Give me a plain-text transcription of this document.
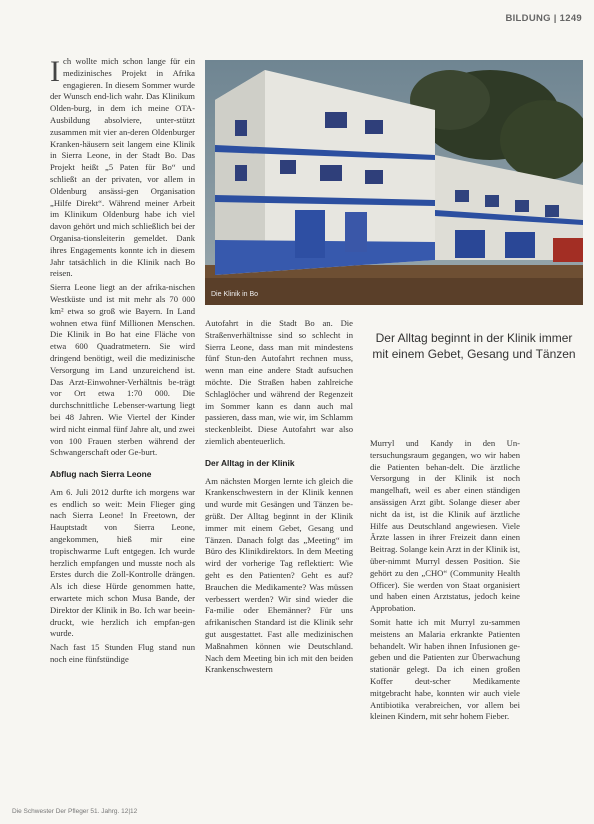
BILDUNG | 1249
Die Klinik in Bo

Ich wollte mich schon lange für ein medizinisches Projekt in Afrika engagieren. In diesem Sommer wurde der Wunsch end-lich wahr. Das Klinikum Olden-burg, in dem ich meine OTA-Ausbildung absolviere, unter-stützt zusammen mit vier an-deren Oldenburger Kranken-häusern seit langem eine Klinik in Sierra Leone, in der Stadt Bo. Das Projekt heißt „5 Paten für Bo“ und schließt an der privaten, vor allem in Oldenburg ansässi-gen Organisation „Hilfe Direkt“. Während meiner Arbeit im Klinikum Oldenburg habe ich viel davon gehört und mich schließlich bei der Organisa-tionsleiterin gemeldet. Dank ihres Engagements konnte ich in diesem Jahr tatsächlich in die Klinik nach Bo reisen.

Sierra Leone liegt an der afrika-nischen Westküste und ist mit mehr als 70 000 km² etwa so groß wie Bayern. In Land wohnen etwa fünf Millionen Menschen. Die Klinik in Bo hat eine Fläche von etwa 600 Quadratmetern. Sie wird dringend benötigt, weil die medizinische Versorgung im Land unzureichend ist. Das Arzt-Einwohner-Verhältnis be-trägt vor Ort etwa 1:70 000. Die durchschnittliche Lebenser-wartung liegt bei 48 Jahren. Wie Viertel der Kinder wird nicht einmal fünf Jahre alt, und zwei von 100 Frauen sterben während der Schwangerschaft oder Ge-burt.

Abflug nach Sierra Leone

Am 6. Juli 2012 durfte ich morgens war es endlich so weit: Mein Flieger ging nach Sierra Leone! In Freetown, der Hauptstadt von Sierra Leone, angekommen, hieß mir eine tropischwarme Luft entgegen. Ich wurde herzlich empfangen und musste noch als Erstes durch die Zoll-Kontrolle drängen. Als ich diese Hürde genommen hatte, erwartete mich schon Musa Bande, der Direktor der Klinik in Bo. Ich war beein-druckt, wie herzlich ich empfan-gen wurde.

Nach fast 15 Stunden Flug stand nun noch eine fünfstündige

Autofahrt in die Stadt Bo an. Die Straßenverhältnisse sind so schlecht in Sierra Leone, dass man mit mindestens fünf Stun-den Autofahrt rechnen muss, wenn man eine andere Stadt aufsuchen möchte. Die Straßen haben zahlreiche Schlaglöcher und während der Regenzeit im Sommer kann es dann auch mal passieren, dass man, wie wir, im Schlamm steckenbleibt. Diese Autofahrt war also ziemlich abenteuerlich.

Der Alltag in der Klinik

Am nächsten Morgen lernte ich gleich die Krankenschwestern in der Klinik kennen und wurde mit Gesängen und Tänzen be-grüßt. Der Alltag beginnt in der Klinik immer mit einem Gebet, Gesang und Tänzen. Danach folgt das „Meeting“ im Büro des Klinikdirektors. In dem Meeting wird der vorherige Tag reflektiert: Wie geht es den Patienten? Geht es auf? Brauchen die Medikamente? Was müssen verbessert werden? Wir sind wieder die Fa-milie oder Ehemänner? Für uns afrikanischen Standard ist die Klinik sehr gut ausgestattet. Fast alle medizinischen Maßnahmen können wie Deutschland. Nach dem Meeting bin ich mit den beiden Krankenschwestern

Der Alltag beginnt in der Klinik immer mit einem Gebet, Gesang und Tänzen

Murryl und Kandy in den Un-tersuchungsraum gegangen, wo wir haben die Patienten behan-delt. Die ärztliche Versorgung in der Klinik ist noch mangelhaft, weil es aber einen ständigen ansässigen Arzt gibt. Solange dieser aber nicht da ist, ist die Klinik auf ärztliche Hilfe aus Deutschland angewiesen. Viele Ärzte lassen in ihrer Freizeit dann einen Beitrag. Solange kein Arzt in der Klinik ist, über-nimmt Murryl dessen Position. Sie gehört zu den „CHO“ (Community Health Officer). Sie werden von Staat organisiert und haben einen Arztstatus, jedoch keine Approbation.

Somit hatte ich mit Murryl zu-sammen meistens an Malaria erkrankte Patienten behandelt. Wir haben ihnen Infusionen ge-geben und die Patienten zur Überwachung stationär gelegt. Da ich einen großen Koffer deut-scher Medikamente mitgebracht habe, konnten wir auch viele Antibiotika verabreichen, vor allem bei kleinen Kindern, mit sehr hohem Fieber.

Die Schwester Der Pfleger 51. Jahrg. 12|12
